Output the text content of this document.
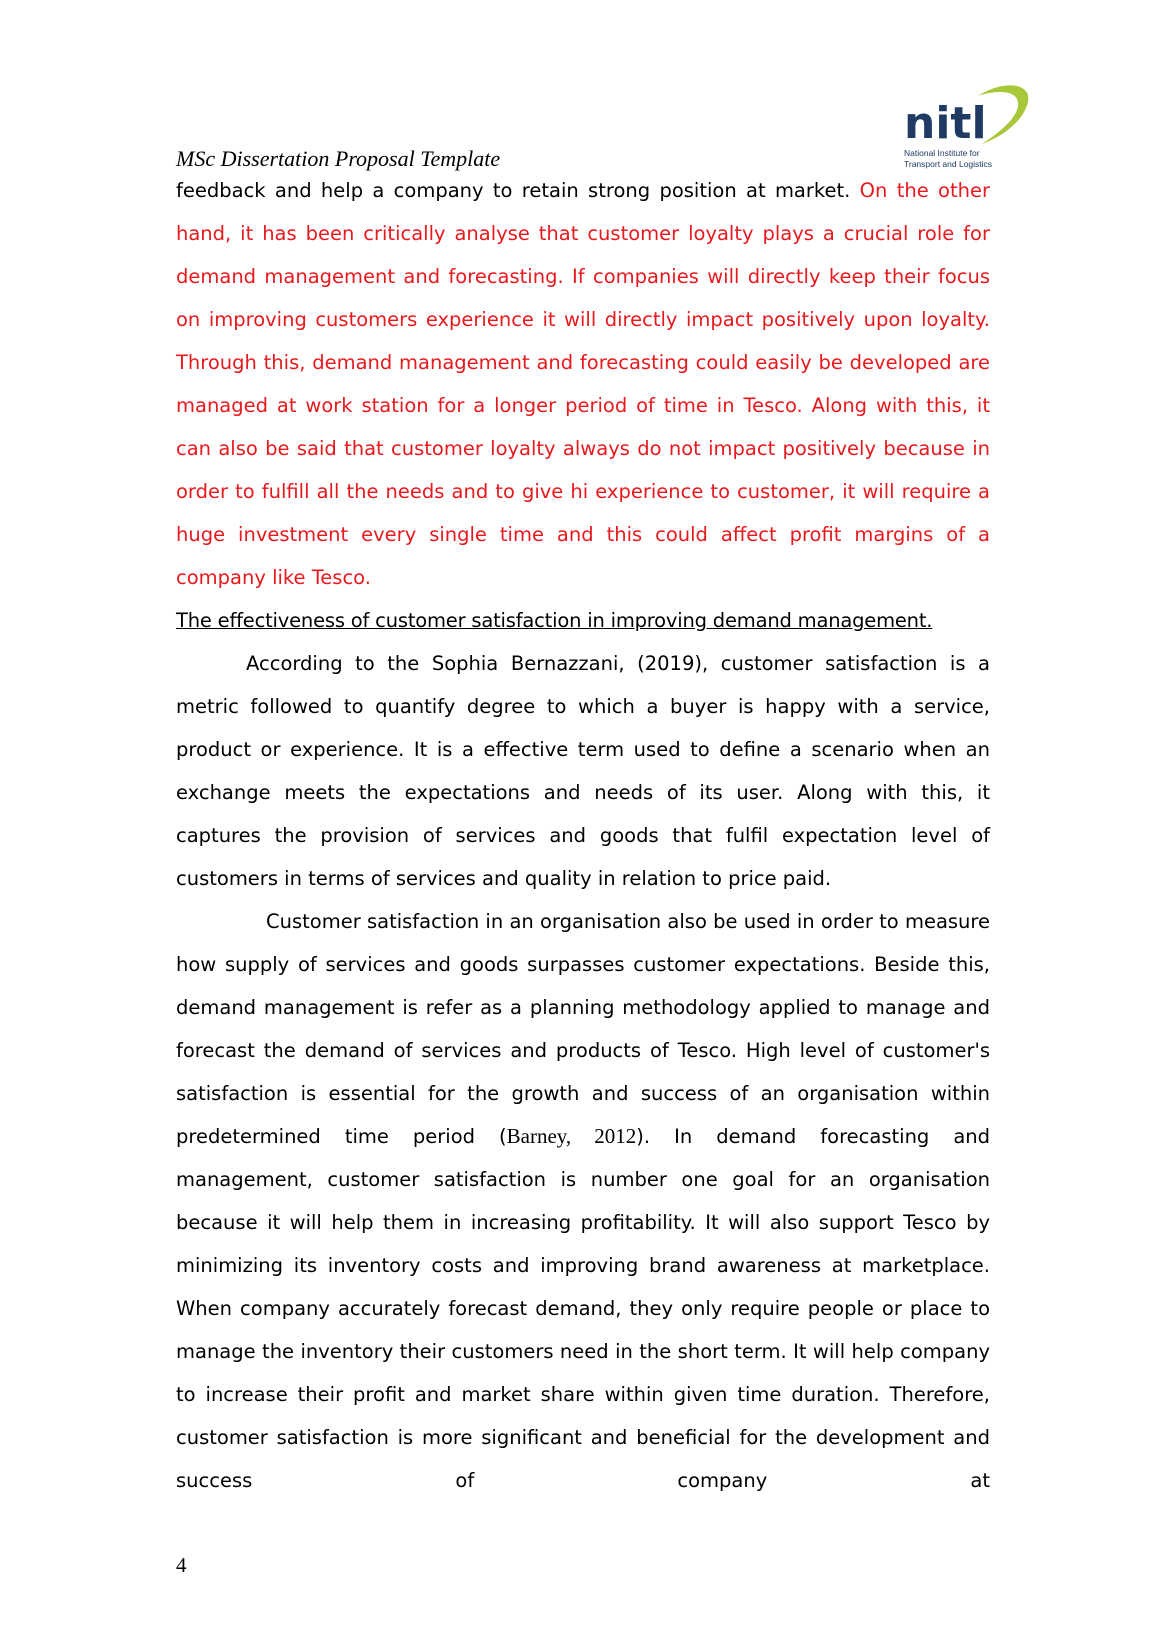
MSc Dissertation Proposal Template
nitl
National Institute for
Transport and Logistics

feedback and help a company to retain strong position at market. On the other hand, it has been critically analyse that customer loyalty plays a crucial role for demand management and forecasting. If companies will directly keep their focus on improving customers experience it will directly impact positively upon loyalty. Through this, demand management and forecasting could easily be developed are managed at work station for a longer period of time in Tesco. Along with this, it can also be said that customer loyalty always do not impact positively because in order to fulfill all the needs and to give hi experience to customer, it will require a huge investment every single time and this could affect profit margins of a company like Tesco.

The effectiveness of customer satisfaction in improving demand management.

According to the Sophia Bernazzani, (2019), customer satisfaction is a metric followed to quantify degree to which a buyer is happy with a service, product or experience. It is a effective term used to define a scenario when an exchange meets the expectations and needs of its user. Along with this, it captures the provision of services and goods that fulfil expectation level of customers in terms of services and quality in relation to price paid.

Customer satisfaction in an organisation also be used in order to measure how supply of services and goods surpasses customer expectations. Beside this, demand management is refer as a planning methodology applied to manage and forecast the demand of services and products of Tesco. High level of customer's satisfaction is essential for the growth and success of an organisation within predetermined time period (Barney, 2012). In demand forecasting and management, customer satisfaction is number one goal for an organisation because it will help them in increasing profitability. It will also support Tesco by minimizing its inventory costs and improving brand awareness at marketplace. When company accurately forecast demand, they only require people or place to manage the inventory their customers need in the short term. It will help company to increase their profit and market share within given time duration. Therefore, customer satisfaction is more significant and beneficial for the development and success of company at

4
